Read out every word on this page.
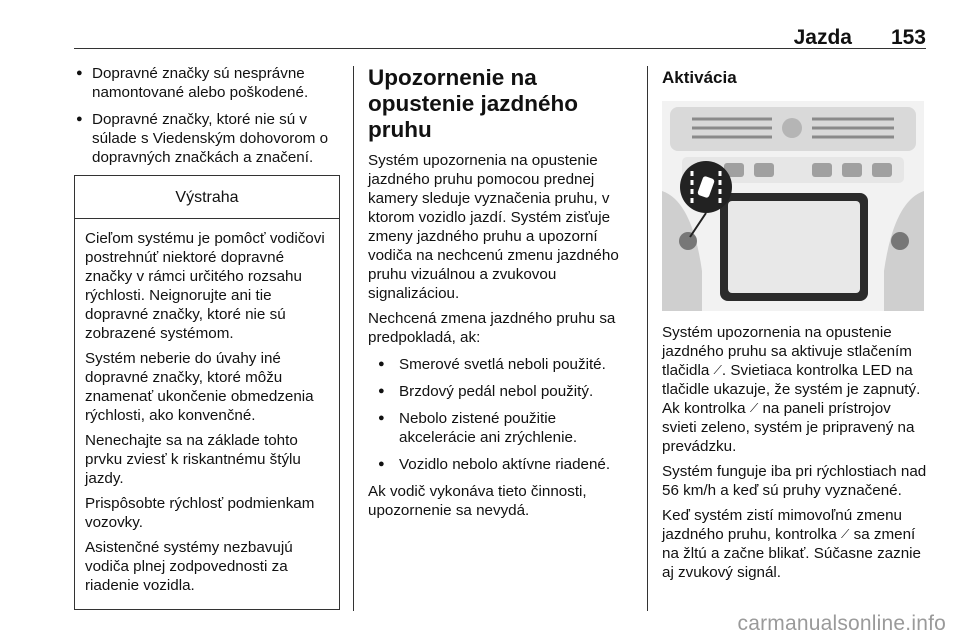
Jazda 153
● Dopravné značky sú nesprávne namontované alebo poškodené.
● Dopravné značky, ktoré nie sú v súlade s Viedenským dohovorom o dopravných značkách a značení.
Výstraha

Cieľom systému je pomôcť vodičovi postrehnúť niektoré dopravné značky v rámci určitého rozsahu rýchlosti. Neignorujte ani tie dopravné značky, ktoré nie sú zobrazené systémom.

Systém neberie do úvahy iné dopravné značky, ktoré môžu znamenať ukončenie obmedzenia rýchlosti, ako konvenčné.

Nenechajte sa na základe tohto prvku zviesť k riskantnému štýlu jazdy.

Prispôsobte rýchlosť podmienkam vozovky.

Asistenčné systémy nezbavujú vodiča plnej zodpovednosti za riadenie vozidla.

Upozornenie na opustenie jazdného pruhu

Systém upozornenia na opustenie jazdného pruhu pomocou prednej kamery sleduje vyznačenia pruhu, v ktorom vozidlo jazdí. Systém zisťuje zmeny jazdného pruhu a upozorní vodiča na nechcenú zmenu jazdného pruhu vizuálnou a zvukovou signalizáciou.

Nechcená zmena jazdného pruhu sa predpokladá, ak:

● Smerové svetlá neboli použité.
● Brzdový pedál nebol použitý.
● Nebolo zistené použitie akcelerácie ani zrýchlenie.
● Vozidlo nebolo aktívne riadené.

Ak vodič vykonáva tieto činnosti, upozornenie sa nevydá.

Aktivácia

Systém upozornenia na opustenie jazdného pruhu sa aktivuje stlačením tlačidla ⟋. Svietiaca kontrolka LED na tlačidle ukazuje, že systém je zapnutý. Ak kontrolka ⟋ na paneli prístrojov svieti zeleno, systém je pripravený na prevádzku.

Systém funguje iba pri rýchlostiach nad 56 km/h a keď sú pruhy vyznačené.

Keď systém zistí mimovoľnú zmenu jazdného pruhu, kontrolka ⟋ sa zmení na žltú a začne blikať. Súčasne zaznie aj zvukový signál.

carmanualsonline.info
